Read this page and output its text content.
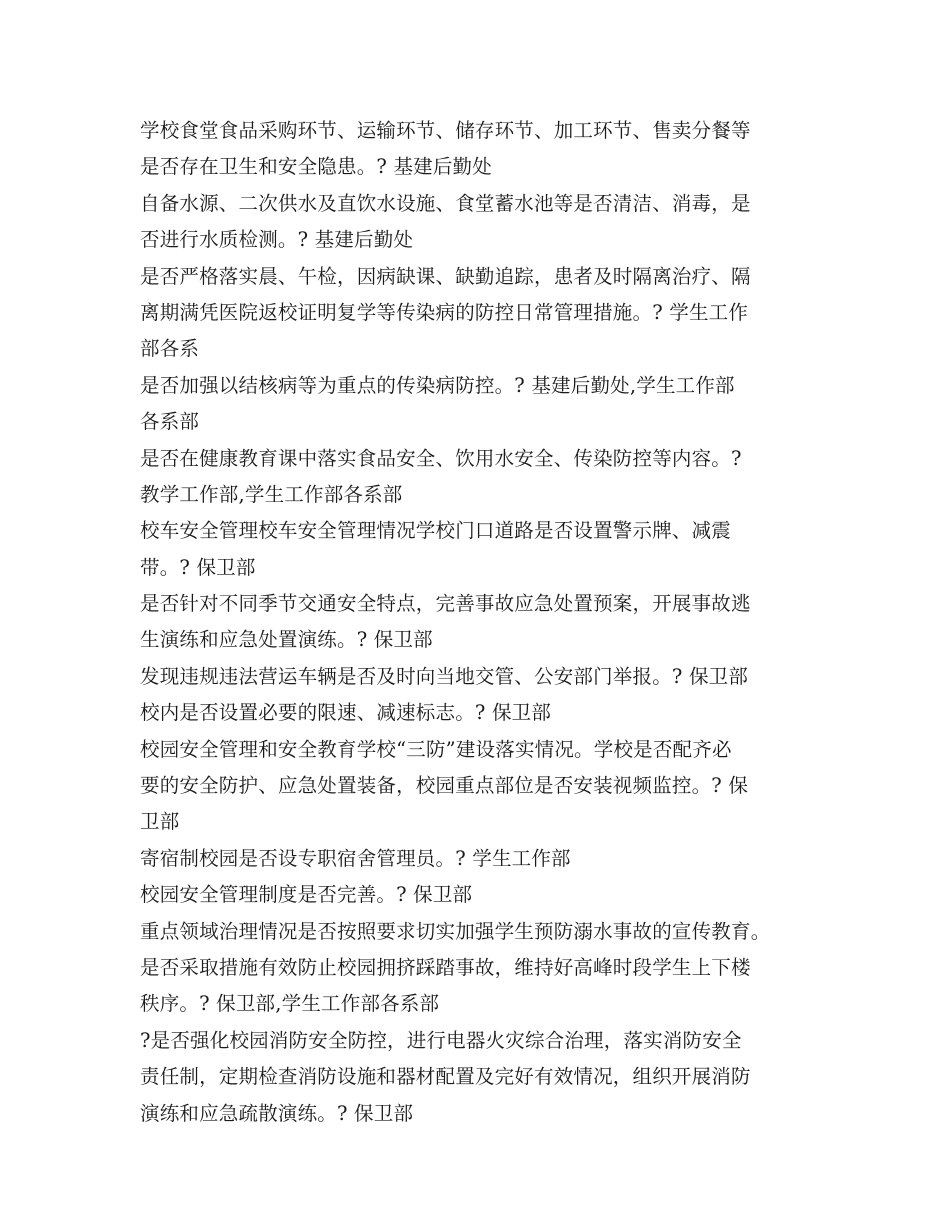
学校食堂食品采购环节、运输环节、储存环节、加工环节、售卖分餐等
是否存在卫生和安全隐患。? 基建后勤处
自备水源、二次供水及直饮水设施、食堂蓄水池等是否清洁、消毒，是
否进行水质检测。? 基建后勤处
是否严格落实晨、午检，因病缺课、缺勤追踪，患者及时隔离治疗、隔
离期满凭医院返校证明复学等传染病的防控日常管理措施。? 学生工作
部各系
是否加强以结核病等为重点的传染病防控。? 基建后勤处,学生工作部
各系部
是否在健康教育课中落实食品安全、饮用水安全、传染防控等内容。?
教学工作部,学生工作部各系部
校车安全管理校车安全管理情况学校门口道路是否设置警示牌、减震
带。? 保卫部
是否针对不同季节交通安全特点，完善事故应急处置预案，开展事故逃
生演练和应急处置演练。? 保卫部
发现违规违法营运车辆是否及时向当地交管、公安部门举报。? 保卫部
校内是否设置必要的限速、减速标志。? 保卫部
校园安全管理和安全教育学校“三防”建设落实情况。学校是否配齐必
要的安全防护、应急处置装备，校园重点部位是否安装视频监控。? 保
卫部
寄宿制校园是否设专职宿舍管理员。? 学生工作部
校园安全管理制度是否完善。? 保卫部
重点领域治理情况是否按照要求切实加强学生预防溺水事故的宣传教育。
是否采取措施有效防止校园拥挤踩踏事故，维持好高峰时段学生上下楼
秩序。? 保卫部,学生工作部各系部
?是否强化校园消防安全防控，进行电器火灾综合治理，落实消防安全
责任制，定期检查消防设施和器材配置及完好有效情况，组织开展消防
演练和应急疏散演练。? 保卫部
